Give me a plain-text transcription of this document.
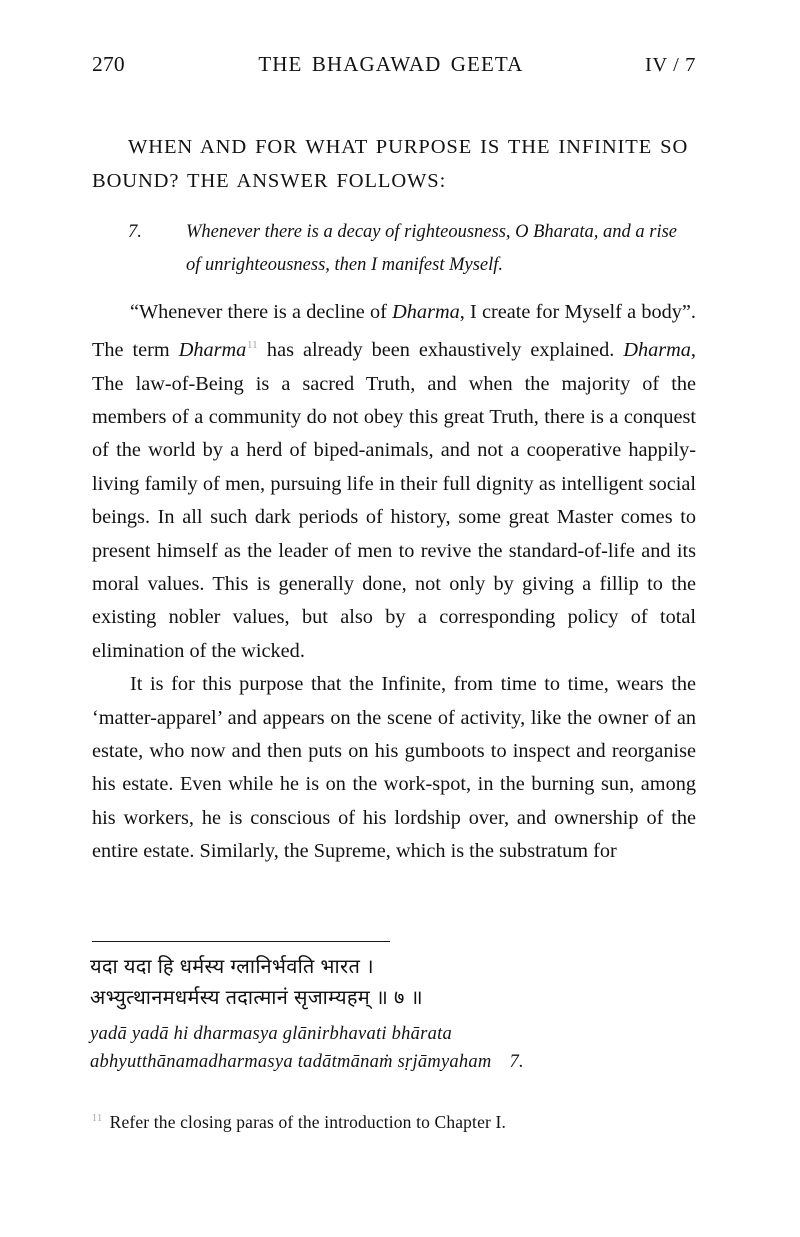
270	THE BHAGAWAD GEETA	IV / 7
WHEN AND FOR WHAT PURPOSE IS THE INFINITE SO BOUND? THE ANSWER FOLLOWS:
7.	Whenever there is a decay of righteousness, O Bharata, and a rise of unrighteousness, then I manifest Myself.

“Whenever there is a decline of Dharma, I create for Myself a body”. The term Dharma$^{11}$ has already been exhaustively explained. Dharma, The law-of-Being is a sacred Truth, and when the majority of the members of a community do not obey this great Truth, there is a conquest of the world by a herd of biped-animals, and not a cooperative happily-living family of men, pursuing life in their full dignity as intelligent social beings. In all such dark periods of history, some great Master comes to present himself as the leader of men to revive the standard-of-life and its moral values. This is generally done, not only by giving a fillip to the existing nobler values, but also by a corresponding policy of total elimination of the wicked.

It is for this purpose that the Infinite, from time to time, wears the ‘matter-apparel’ and appears on the scene of activity, like the owner of an estate, who now and then puts on his gumboots to inspect and reorganise his estate. Even while he is on the work-spot, in the burning sun, among his workers, he is conscious of his lordship over, and ownership of the entire estate. Similarly, the Supreme, which is the substratum for

यदा यदा हि धर्मस्य ग्लानिर्भवति भारत ।
अभ्युत्थानमधर्मस्य तदात्मानं सृजाम्यहम् ॥ ७ ॥
yadā yadā hi dharmasya glānirbhavati bhārata
abhyutthānamadharmasya tadātmānaṁ sṛjāmyaham 7.
$^{11}$ Refer the closing paras of the introduction to Chapter I.
